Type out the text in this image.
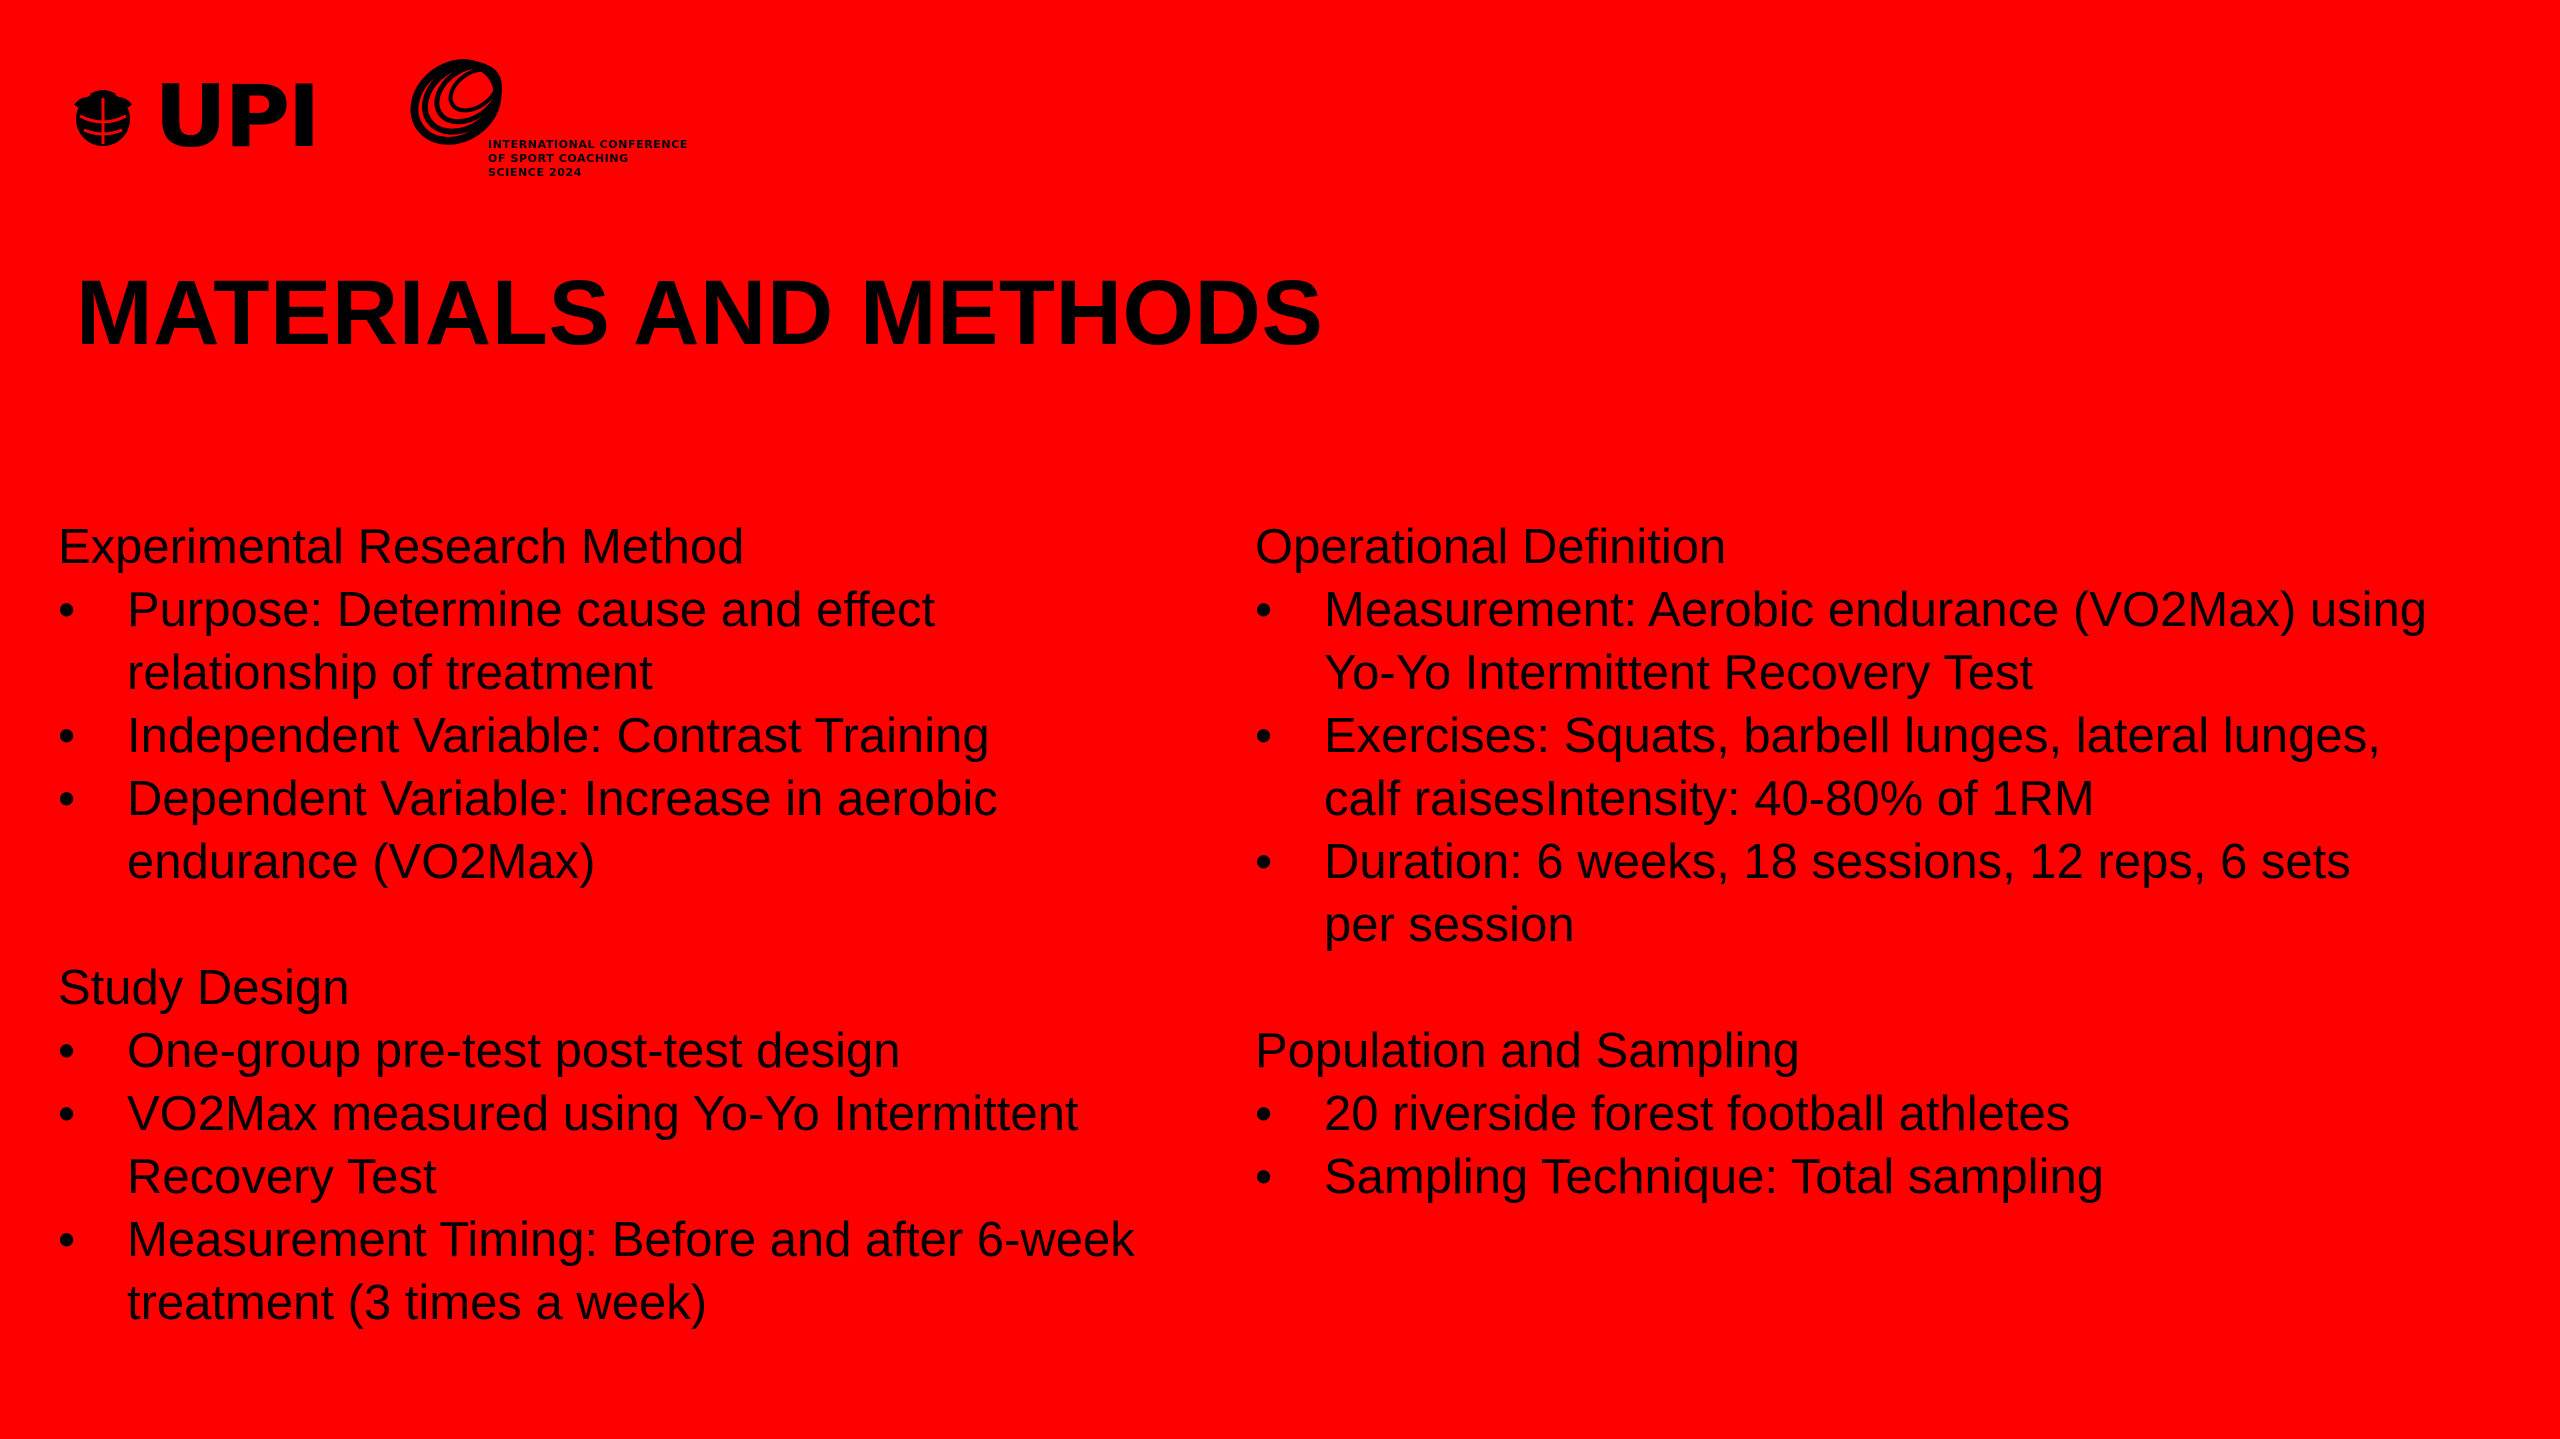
UPI	INTERNATIONAL CONFERENCE
OF SPORT COACHING
SCIENCE 2024
MATERIALS AND METHODS

Experimental Research Method

• Purpose: Determine cause and effect relationship of treatment
• Independent Variable: Contrast Training
• Dependent Variable: Increase in aerobic endurance (VO2Max)

Study Design

• One-group pre-test post-test design
• VO2Max measured using Yo-Yo Intermittent Recovery Test
• Measurement Timing: Before and after 6-week treatment (3 times a week)

Operational Definition

• Measurement: Aerobic endurance (VO2Max) using Yo-Yo Intermittent Recovery Test
• Exercises: Squats, barbell lunges, lateral lunges, calf raisesIntensity: 40-80% of 1RM
• Duration: 6 weeks, 18 sessions, 12 reps, 6 sets per session

Population and Sampling

• 20 riverside forest football athletes
• Sampling Technique: Total sampling
